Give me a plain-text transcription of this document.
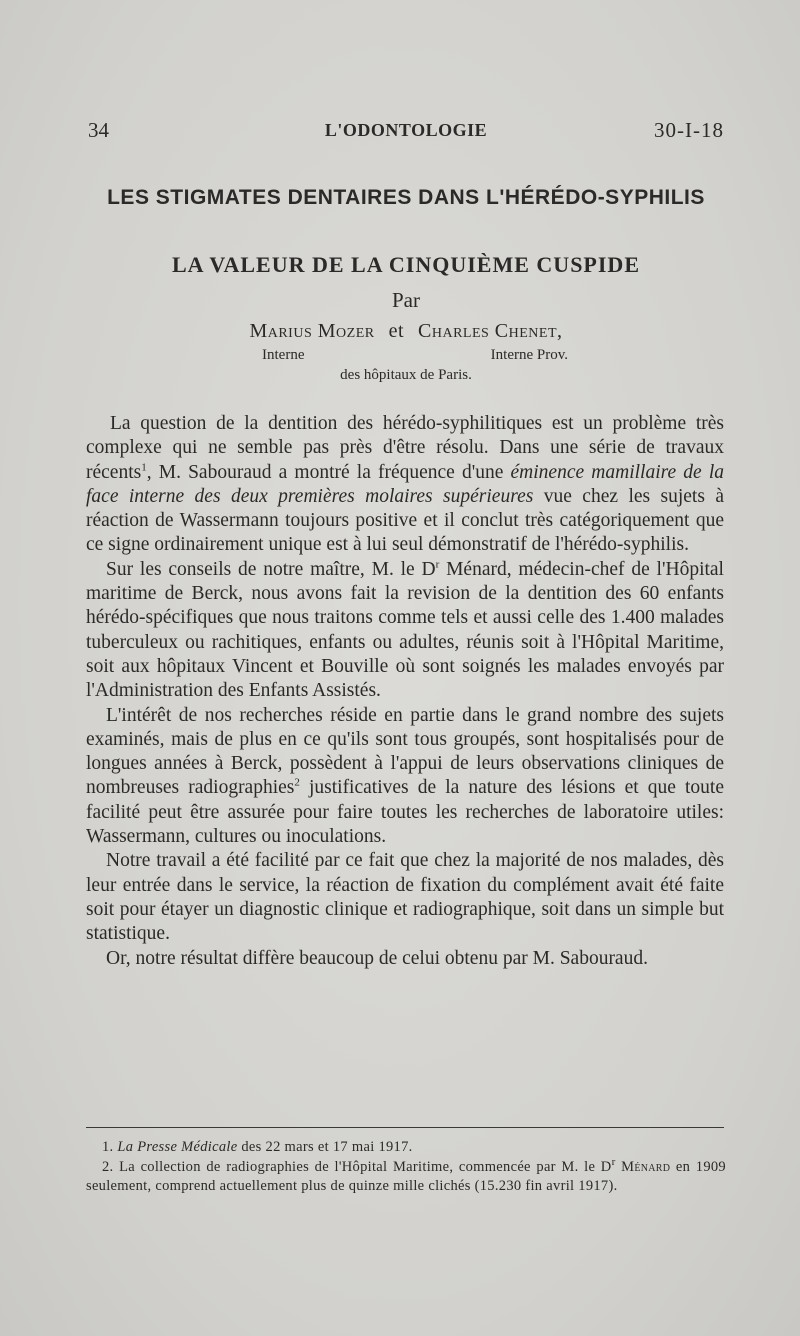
34	L'ODONTOLOGIE	30-I-18
LES STIGMATES DENTAIRES DANS L'HÉRÉDO-SYPHILIS
LA VALEUR DE LA CINQUIÈME CUSPIDE
Par
Marius Mozer et Charles Chenet,
Interne	Interne Prov.
des hôpitaux de Paris.

La question de la dentition des hérédo-syphilitiques est un problème très complexe qui ne semble pas près d'être résolu. Dans une série de travaux récents$^1$, M. Sabouraud a montré la fréquence d'une éminence mamillaire de la face interne des deux premières molaires supérieures vue chez les sujets à réaction de Wassermann toujours positive et il conclut très catégoriquement que ce signe ordinairement unique est à lui seul démonstratif de l'hérédo-syphilis.

Sur les conseils de notre maître, M. le $D^r$ Ménard, médecin-chef de l'Hôpital maritime de Berck, nous avons fait la revision de la dentition des 60 enfants hérédo-spécifiques que nous traitons comme tels et aussi celle des 1.400 malades tuberculeux ou rachitiques, enfants ou adultes, réunis soit à l'Hôpital Maritime, soit aux hôpitaux Vincent et Bouville où sont soignés les malades envoyés par l'Administration des Enfants Assistés.

L'intérêt de nos recherches réside en partie dans le grand nombre des sujets examinés, mais de plus en ce qu'ils sont tous groupés, sont hospitalisés pour de longues années à Berck, possèdent à l'appui de leurs observations cliniques de nombreuses radiographies$^2$ justificatives de la nature des lésions et que toute facilité peut être assurée pour faire toutes les recherches de laboratoire utiles: Wassermann, cultures ou inoculations.

Notre travail a été facilité par ce fait que chez la majorité de nos malades, dès leur entrée dans le service, la réaction de fixation du complément avait été faite soit pour étayer un diagnostic clinique et radiographique, soit dans un simple but statistique.

Or, notre résultat diffère beaucoup de celui obtenu par M. Sabouraud.

1. La Presse Médicale des 22 mars et 17 mai 1917.

2. La collection de radiographies de l'Hôpital Maritime, commencée par M. le $D^r$ Ménard en 1909 seulement, comprend actuellement plus de quinze mille clichés (15.230 fin avril 1917).
